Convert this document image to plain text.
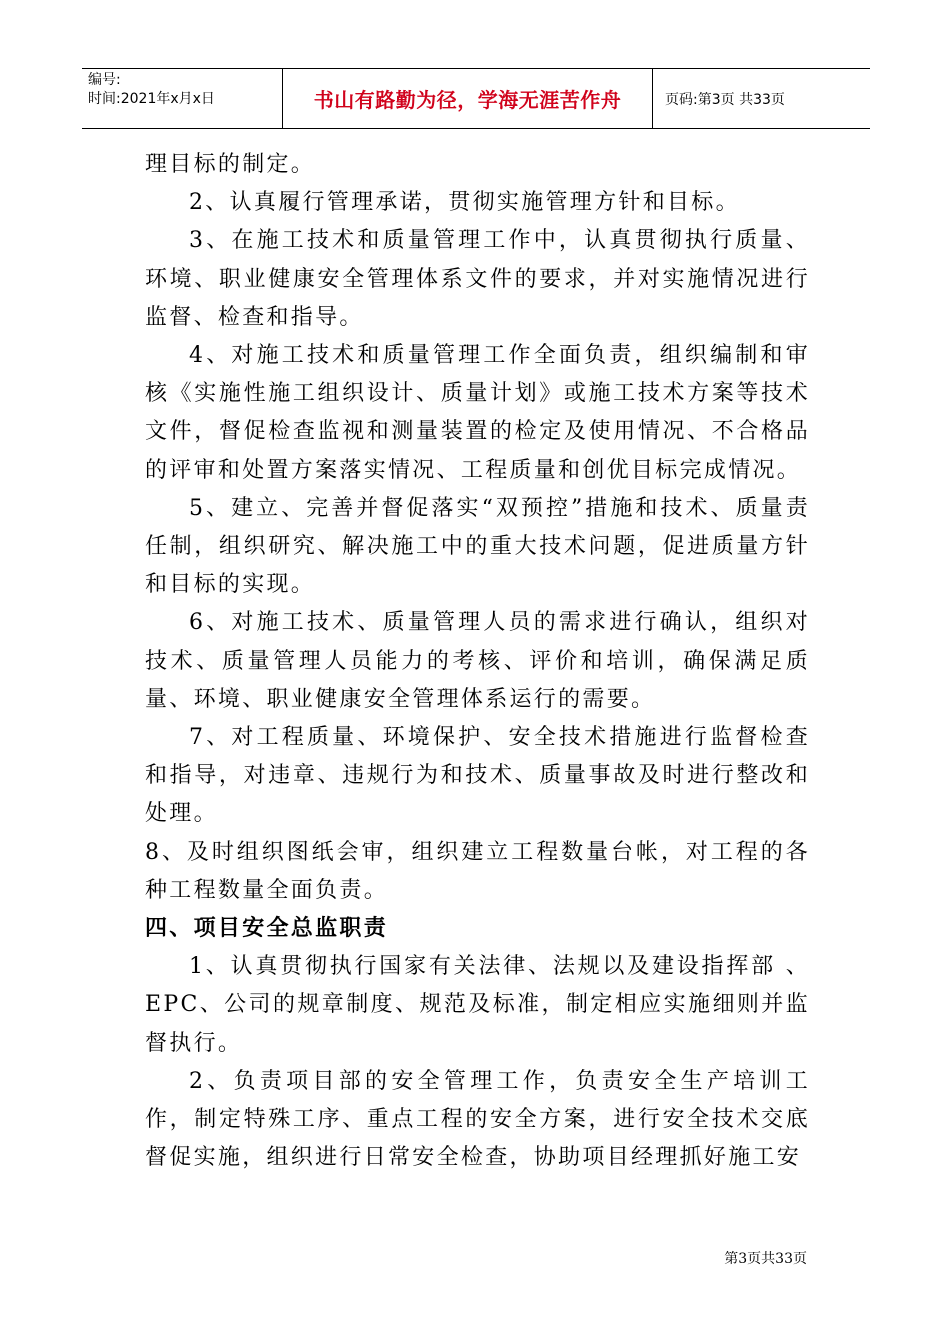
编号:
时间:2021年x月x日	书山有路勤为径，学海无涯苦作舟	页码:第3页 共33页

理目标的制定。

2、认真履行管理承诺，贯彻实施管理方针和目标。

3、在施工技术和质量管理工作中，认真贯彻执行质量、环境、职业健康安全管理体系文件的要求，并对实施情况进行监督、检查和指导。

4、对施工技术和质量管理工作全面负责，组织编制和审核《实施性施工组织设计、质量计划》或施工技术方案等技术文件，督促检查监视和测量装置的检定及使用情况、不合格品的评审和处置方案落实情况、工程质量和创优目标完成情况。

5、建立、完善并督促落实“双预控”措施和技术、质量责任制，组织研究、解决施工中的重大技术问题，促进质量方针和目标的实现。

6、对施工技术、质量管理人员的需求进行确认，组织对技术、质量管理人员能力的考核、评价和培训，确保满足质量、环境、职业健康安全管理体系运行的需要。

7、对工程质量、环境保护、安全技术措施进行监督检查和指导，对违章、违规行为和技术、质量事故及时进行整改和处理。

8、及时组织图纸会审，组织建立工程数量台帐，对工程的各种工程数量全面负责。

四、项目安全总监职责

1、认真贯彻执行国家有关法律、法规以及建设指挥部 、EPC、公司的规章制度、规范及标准，制定相应实施细则并监督执行。

2、负责项目部的安全管理工作，负责安全生产培训工作，制定特殊工序、重点工程的安全方案，进行安全技术交底督促实施，组织进行日常安全检查，协助项目经理抓好施工安

第3页共33页
